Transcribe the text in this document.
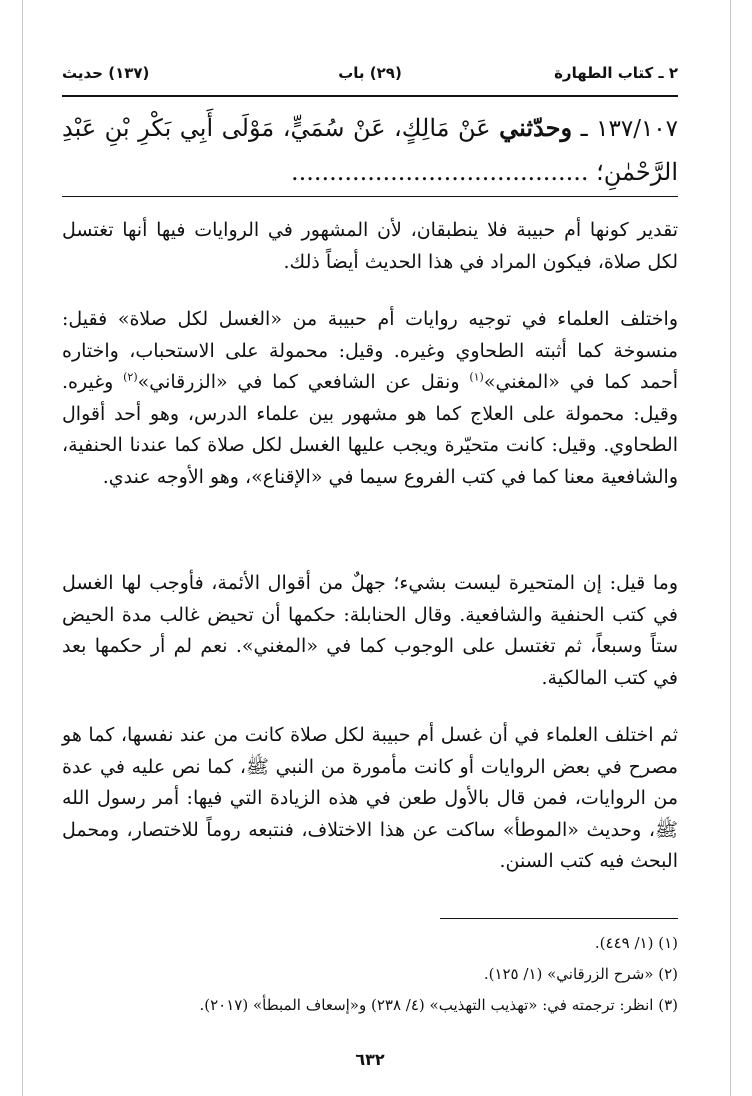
٢ ـ كتاب الطهارة
(٢٩) باب
(١٣٧) حديث
١٣٧/١٠٧ ـ وحدّثني عَنْ مَالِكٍ، عَنْ سُمَيٍّ، مَوْلَى أَبِي بَكْرِ بْنِ عَبْدِ الرَّحْمٰنِ؛ .......................................

تقدير كونها أم حبيبة فلا ينطبقان، لأن المشهور في الروايات فيها أنها تغتسل لكل صلاة، فيكون المراد في هذا الحديث أيضاً ذلك.

واختلف العلماء في توجيه روايات أم حبيبة من «الغسل لكل صلاة» فقيل: منسوخة كما أثبته الطحاوي وغيره. وقيل: محمولة على الاستحباب، واختاره أحمد كما في «المغني»$^{(١)}$ ونقل عن الشافعي كما في «الزرقاني»$^{(٢)}$ وغيره. وقيل: محمولة على العلاج كما هو مشهور بين علماء الدرس، وهو أحد أقوال الطحاوي. وقيل: كانت متحيّرة ويجب عليها الغسل لكل صلاة كما عندنا الحنفية، والشافعية معنا كما في كتب الفروع سيما في «الإقناع»، وهو الأوجه عندي.

وما قيل: إن المتحيرة ليست بشيء؛ جهلٌ من أقوال الأئمة، فأوجب لها الغسل في كتب الحنفية والشافعية. وقال الحنابلة: حكمها أن تحيض غالب مدة الحيض ستاً وسبعاً، ثم تغتسل على الوجوب كما في «المغني». نعم لم أر حكمها بعد في كتب المالكية.

ثم اختلف العلماء في أن غسل أم حبيبة لكل صلاة كانت من عند نفسها، كما هو مصرح في بعض الروايات أو كانت مأمورة من النبي ﷺ، كما نص عليه في عدة من الروايات، فمن قال بالأول طعن في هذه الزيادة التي فيها: أمر رسول الله ﷺ، وحديث «الموطأ» ساكت عن هذا الاختلاف، فنتبعه روماً للاختصار، ومحمل البحث فيه كتب السنن.

(١) (١/ ٤٤٩).
(٢) «شرح الزرقاني» (١/ ١٢٥).
(٣) انظر: ترجمته في: «تهذيب التهذيب» (٤/ ٢٣٨) و«إسعاف المبطأ» (٢٠١٧).
٦٣٢
